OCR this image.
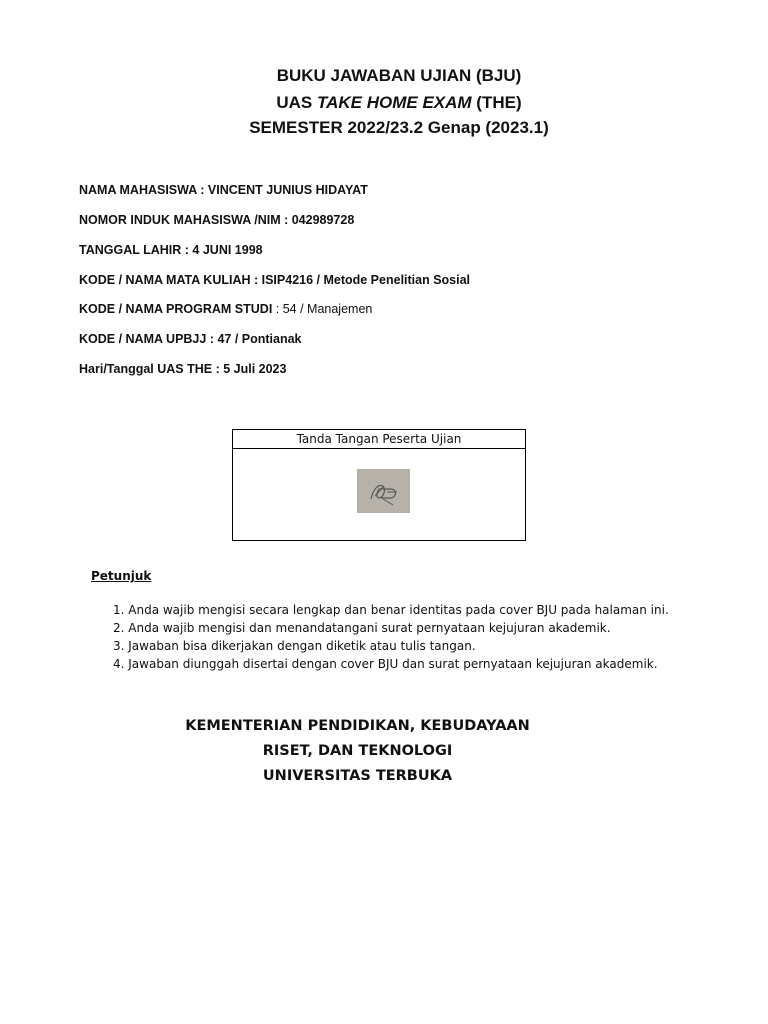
BUKU JAWABAN UJIAN (BJU)
UAS TAKE HOME EXAM (THE)
SEMESTER 2022/23.2 Genap (2023.1)
NAMA MAHASISWA : VINCENT JUNIUS HIDAYAT
NOMOR INDUK MAHASISWA /NIM : 042989728
TANGGAL LAHIR : 4 JUNI 1998
KODE / NAMA MATA KULIAH : ISIP4216 / Metode Penelitian Sosial
KODE / NAMA PROGRAM STUDI : 54 / Manajemen
KODE / NAMA UPBJJ : 47 / Pontianak
Hari/Tanggal UAS THE : 5 Juli 2023
Tanda Tangan Peserta Ujian
Petunjuk
1. Anda wajib mengisi secara lengkap dan benar identitas pada cover BJU pada halaman ini.
2. Anda wajib mengisi dan menandatangani surat pernyataan kejujuran akademik.
3. Jawaban bisa dikerjakan dengan diketik atau tulis tangan.
4. Jawaban diunggah disertai dengan cover BJU dan surat pernyataan kejujuran akademik.
KEMENTERIAN PENDIDIKAN, KEBUDAYAAN
RISET, DAN TEKNOLOGI
UNIVERSITAS TERBUKA
